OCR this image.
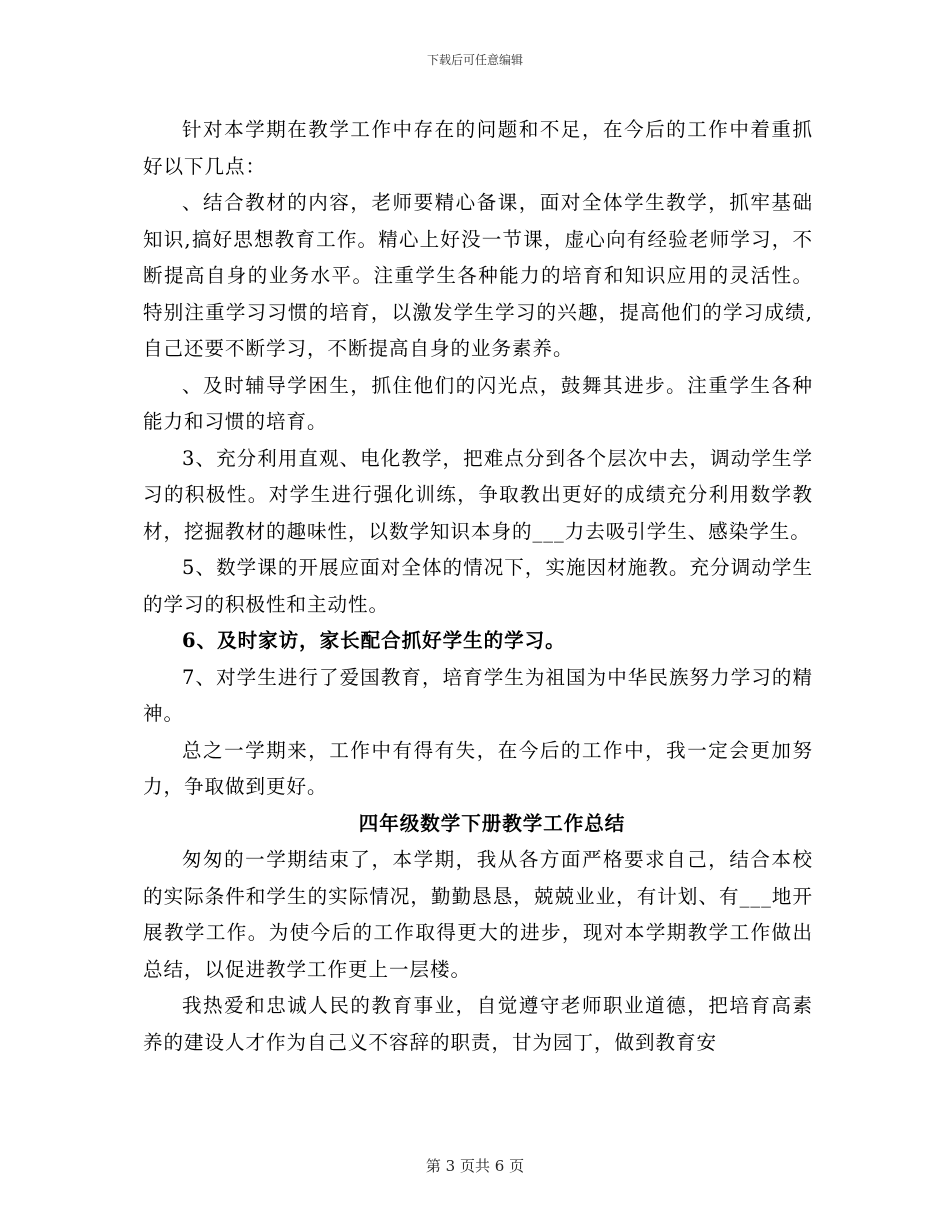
下载后可任意编辑

针对本学期在教学工作中存在的问题和不足，在今后的工作中着重抓好以下几点：

、结合教材的内容，老师要精心备课，面对全体学生教学，抓牢基础知识,搞好思想教育工作。精心上好没一节课，虚心向有经验老师学习，不断提高自身的业务水平。注重学生各种能力的培育和知识应用的灵活性。特别注重学习习惯的培育，以激发学生学习的兴趣，提高他们的学习成绩,自己还要不断学习，不断提高自身的业务素养。

、及时辅导学困生，抓住他们的闪光点，鼓舞其进步。注重学生各种能力和习惯的培育。

3、充分利用直观、电化教学，把难点分到各个层次中去，调动学生学习的积极性。对学生进行强化训练，争取教出更好的成绩充分利用数学教材，挖掘教材的趣味性，以数学知识本身的___力去吸引学生、感染学生。

5、数学课的开展应面对全体的情况下，实施因材施教。充分调动学生的学习的积极性和主动性。

6、及时家访，家长配合抓好学生的学习。

7、对学生进行了爱国教育，培育学生为祖国为中华民族努力学习的精神。

总之一学期来，工作中有得有失，在今后的工作中，我一定会更加努力，争取做到更好。

四年级数学下册教学工作总结

匆匆的一学期结束了，本学期，我从各方面严格要求自己，结合本校的实际条件和学生的实际情况，勤勤恳恳，兢兢业业，有计划、有___地开展教学工作。为使今后的工作取得更大的进步，现对本学期教学工作做出总结，以促进教学工作更上一层楼。

我热爱和忠诚人民的教育事业，自觉遵守老师职业道德，把培育高素养的建设人才作为自己义不容辞的职责，甘为园丁，做到教育安

第 3 页共 6 页
